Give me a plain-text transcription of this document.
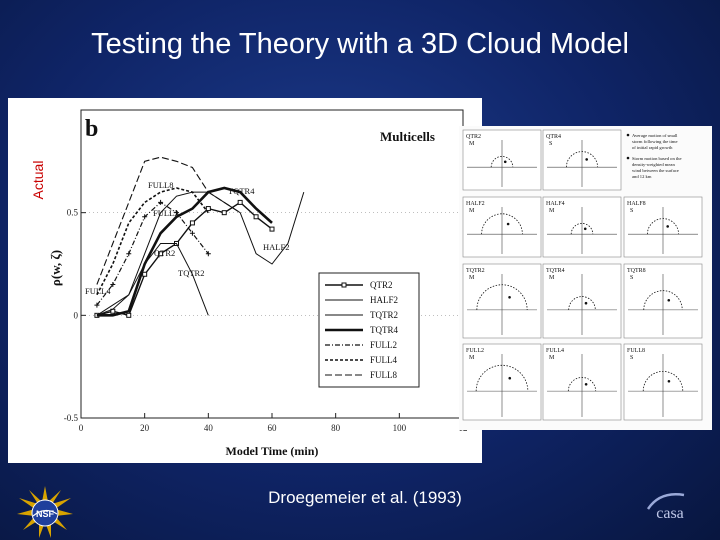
Testing the Theory with a 3D Cloud Model
0	20	40	60	80	100
-0.5
0
0.5
b	Multicells
Model Time (min)
ρ(w, ζ)
Actual	FULL8
TQTR4
FULL2
QTR2
HALF2
TQTR2
FULL4
QTR2
HALF2
TQTR2
TQTR4
FULL2
FULL4
FULL8
QTR2
M
QTR4
S
HALF2
M
HALF4
M
HALF8
S
TQTR2
M
TQTR4
M
TQTR8
S
FULL2
M
FULL4
M
FULL8
S
Average motion of small storm following the time of initial rapid growth
Storm motion based on the density-weighted mean wind between the surface and 12 km
Droegemeier et al. (1993)
NSF	casa
